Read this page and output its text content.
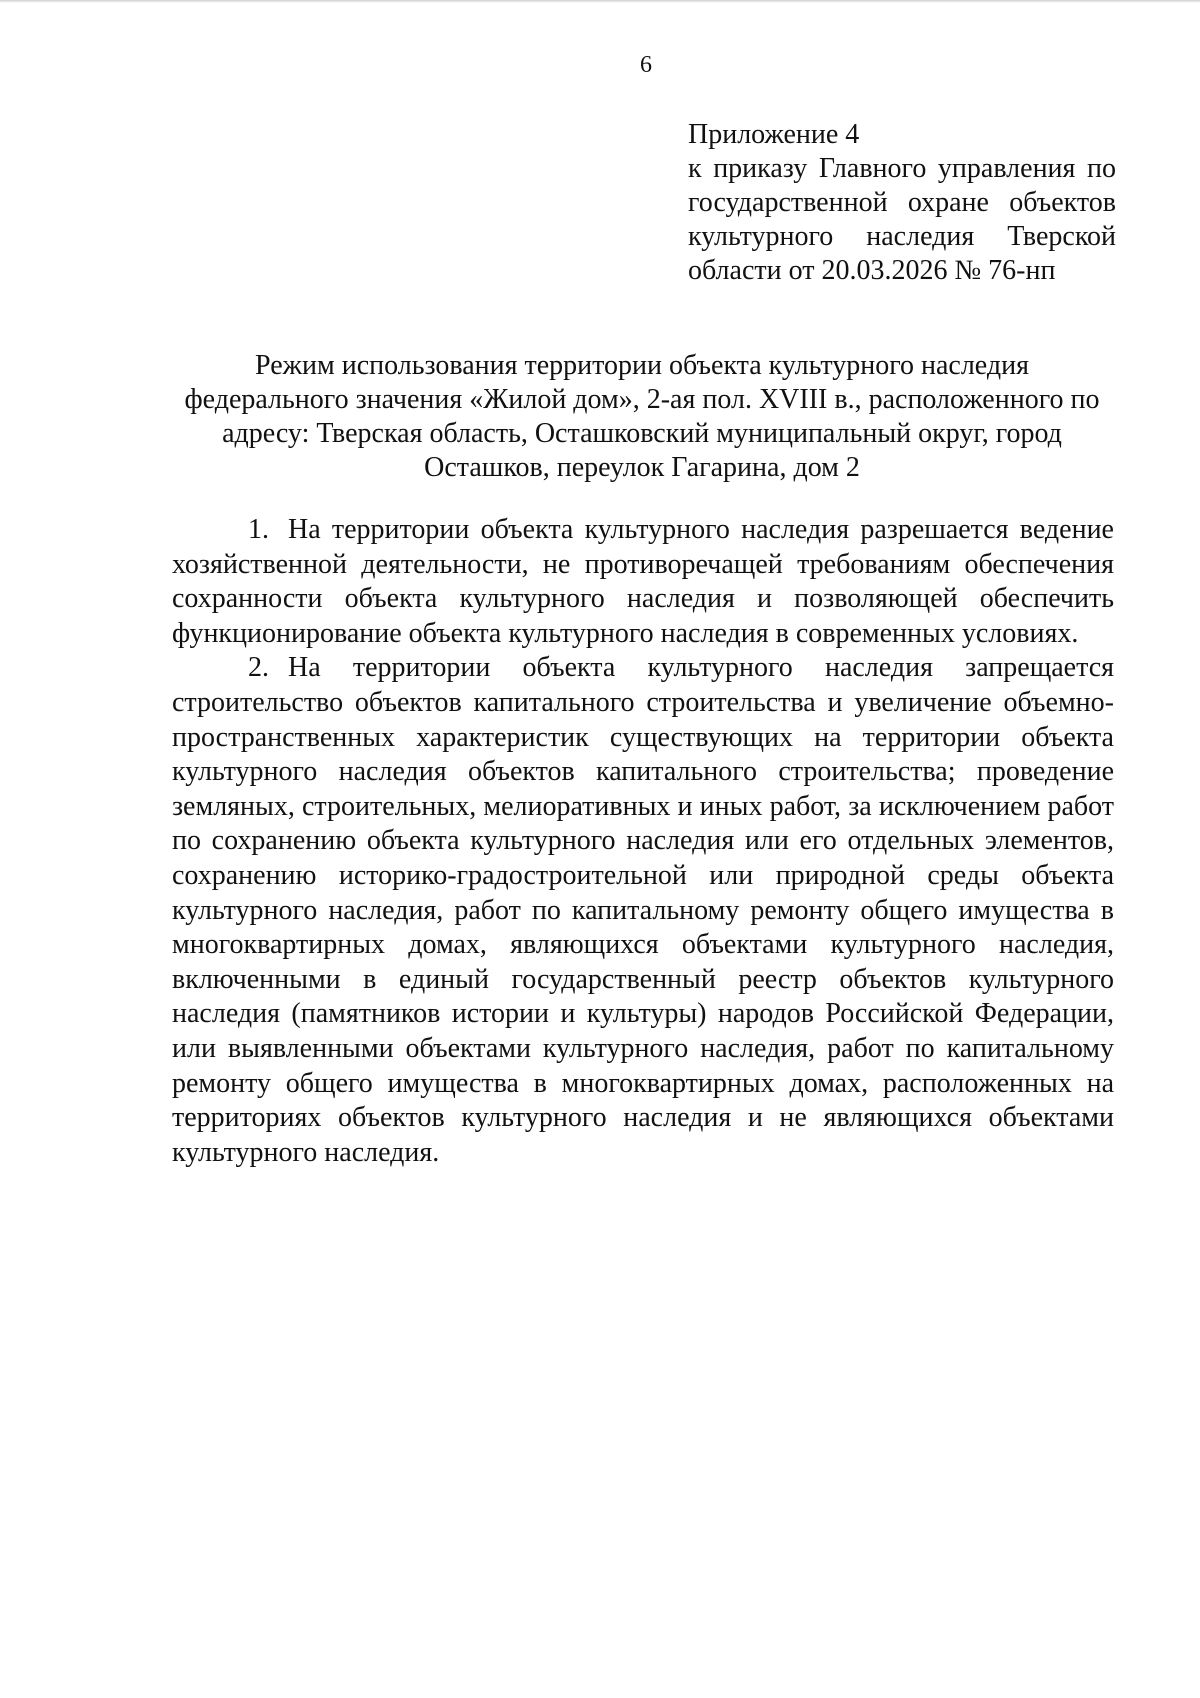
6
Приложение 4
к приказу Главного управления по
государственной охране объектов
культурного наследия Тверской
области от 20.03.2026 № 76-нп
Режим использования территории объекта культурного наследия
федерального значения «Жилой дом», 2-ая пол. XVIII в., расположенного по
адресу: Тверская область, Осташковский муниципальный округ, город
Осташков, переулок Гагарина, дом 2

1. На территории объекта культурного наследия разрешается ведение хозяйственной деятельности, не противоречащей требованиям обеспечения сохранности объекта культурного наследия и позволяющей обеспечить функционирование объекта культурного наследия в современных условиях.

2. На территории объекта культурного наследия запрещается строительство объектов капитального строительства и увеличение объемно-пространственных характеристик существующих на территории объекта культурного наследия объектов капитального строительства; проведение земляных, строительных, мелиоративных и иных работ, за исключением работ по сохранению объекта культурного наследия или его отдельных элементов, сохранению историко-градостроительной или природной среды объекта культурного наследия, работ по капитальному ремонту общего имущества в многоквартирных домах, являющихся объектами культурного наследия, включенными в единый государственный реестр объектов культурного наследия (памятников истории и культуры) народов Российской Федерации, или выявленными объектами культурного наследия, работ по капитальному ремонту общего имущества в многоквартирных домах, расположенных на территориях объектов культурного наследия и не являющихся объектами культурного наследия.
